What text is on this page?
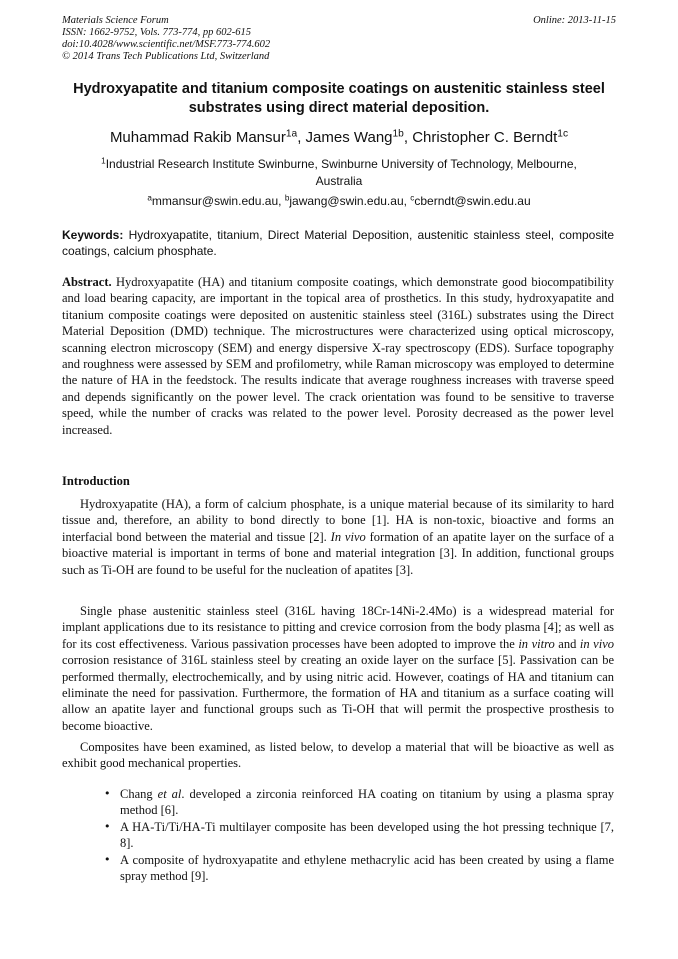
Materials Science Forum
ISSN: 1662-9752, Vols. 773-774, pp 602-615
doi:10.4028/www.scientific.net/MSF.773-774.602
© 2014 Trans Tech Publications Ltd, Switzerland
Online: 2013-11-15
Hydroxyapatite and titanium composite coatings on austenitic stainless steel substrates using direct material deposition.
Muhammad Rakib Mansur$^{1a}$, James Wang$^{1b}$, Christopher C. Berndt$^{1c}$
$^1$Industrial Research Institute Swinburne, Swinburne University of Technology, Melbourne, Australia
$^a$mmansur@swin.edu.au, $^b$jawang@swin.edu.au, $^c$cberndt@swin.edu.au
Keywords: Hydroxyapatite, titanium, Direct Material Deposition, austenitic stainless steel, composite coatings, calcium phosphate.
Abstract. Hydroxyapatite (HA) and titanium composite coatings, which demonstrate good biocompatibility and load bearing capacity, are important in the topical area of prosthetics. In this study, hydroxyapatite and titanium composite coatings were deposited on austenitic stainless steel (316L) substrates using the Direct Material Deposition (DMD) technique. The microstructures were characterized using optical microscopy, scanning electron microscopy (SEM) and energy dispersive X-ray spectroscopy (EDS). Surface topography and roughness were assessed by SEM and profilometry, while Raman microscopy was employed to determine the nature of HA in the feedstock. The results indicate that average roughness increases with traverse speed and depends significantly on the power level. The crack orientation was found to be sensitive to traverse speed, while the number of cracks was related to the power level. Porosity decreased as the power level increased.
Introduction

Hydroxyapatite (HA), a form of calcium phosphate, is a unique material because of its similarity to hard tissue and, therefore, an ability to bond directly to bone [1]. HA is non-toxic, bioactive and forms an interfacial bond between the material and tissue [2]. In vivo formation of an apatite layer on the surface of a bioactive material is important in terms of bone and material integration [3]. In addition, functional groups such as Ti-OH are found to be useful for the nucleation of apatites [3].

Single phase austenitic stainless steel (316L having 18Cr-14Ni-2.4Mo) is a widespread material for implant applications due to its resistance to pitting and crevice corrosion from the body plasma [4]; as well as for its cost effectiveness. Various passivation processes have been adopted to improve the in vitro and in vivo corrosion resistance of 316L stainless steel by creating an oxide layer on the surface [5]. Passivation can be performed thermally, electrochemically, and by using nitric acid. However, coatings of HA and titanium can eliminate the need for passivation. Furthermore, the formation of HA and titanium as a surface coating will allow an apatite layer and functional groups such as Ti-OH that will permit the prospective prosthesis to become bioactive.

Composites have been examined, as listed below, to develop a material that will be bioactive as well as exhibit good mechanical properties.

• Chang et al. developed a zirconia reinforced HA coating on titanium by using a plasma spray method [6].
• A HA-Ti/Ti/HA-Ti multilayer composite has been developed using the hot pressing technique [7, 8].
• A composite of hydroxyapatite and ethylene methacrylic acid has been created by using a flame spray method [9].
